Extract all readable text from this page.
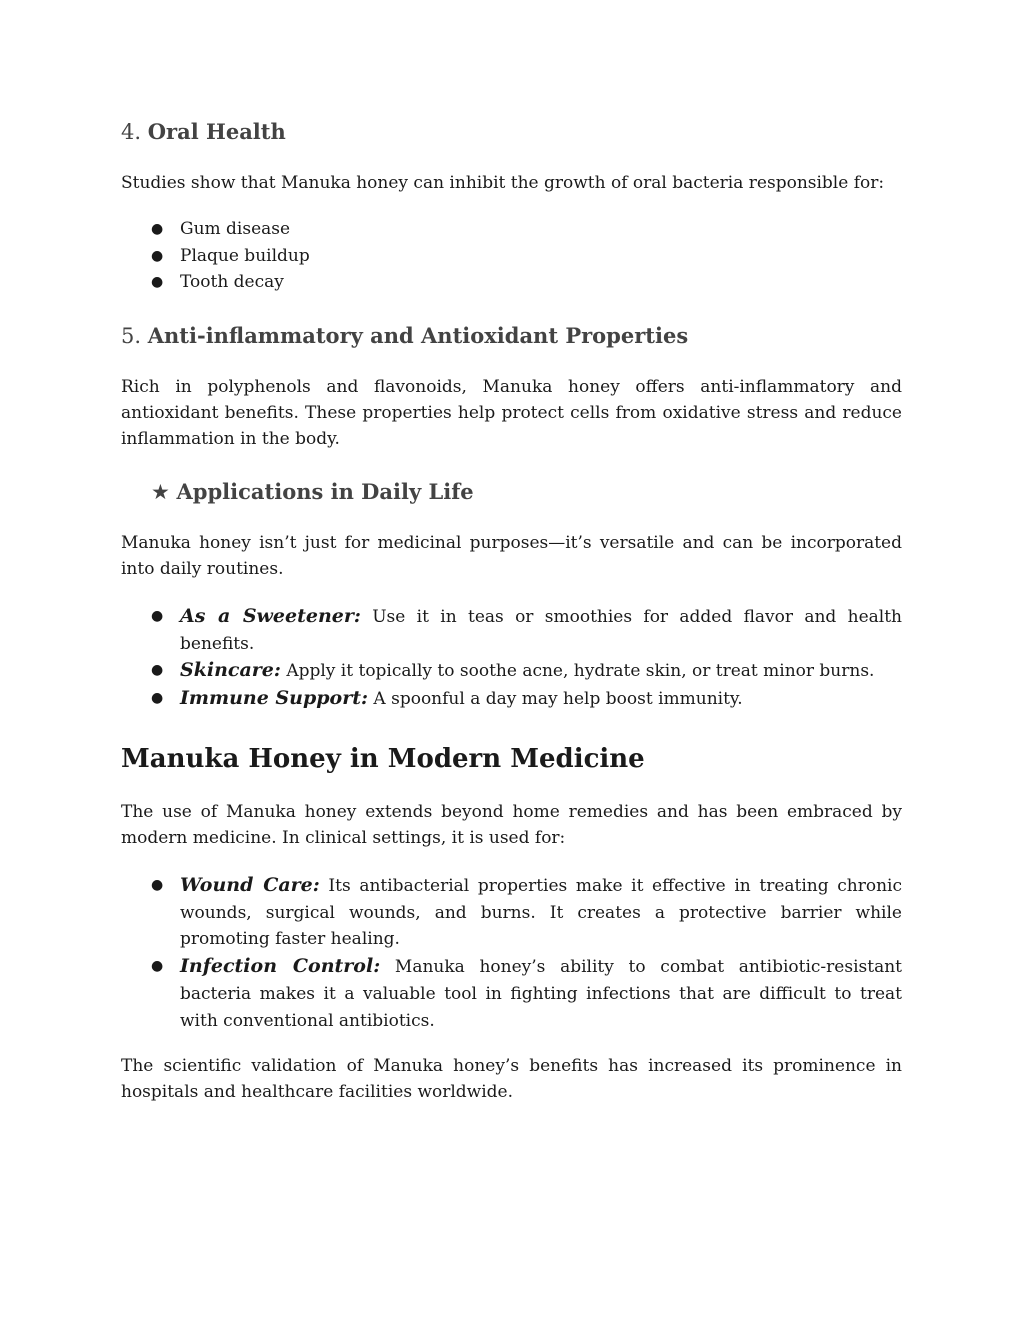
4. Oral Health

Studies show that Manuka honey can inhibit the growth of oral bacteria responsible for:

● Gum disease
● Plaque buildup
● Tooth decay
5. Anti-inflammatory and Antioxidant Properties

Rich in polyphenols and flavonoids, Manuka honey offers anti-inflammatory and antioxidant benefits. These properties help protect cells from oxidative stress and reduce inflammation in the body.

★ Applications in Daily Life

Manuka honey isn’t just for medicinal purposes—it’s versatile and can be incorporated into daily routines.

● As a Sweetener: Use it in teas or smoothies for added flavor and health benefits.
● Skincare: Apply it topically to soothe acne, hydrate skin, or treat minor burns.
● Immune Support: A spoonful a day may help boost immunity.
Manuka Honey in Modern Medicine

The use of Manuka honey extends beyond home remedies and has been embraced by modern medicine. In clinical settings, it is used for:

● Wound Care: Its antibacterial properties make it effective in treating chronic wounds, surgical wounds, and burns. It creates a protective barrier while promoting faster healing.
● Infection Control: Manuka honey’s ability to combat antibiotic-resistant bacteria makes it a valuable tool in fighting infections that are difficult to treat with conventional antibiotics.

The scientific validation of Manuka honey’s benefits has increased its prominence in hospitals and healthcare facilities worldwide.
